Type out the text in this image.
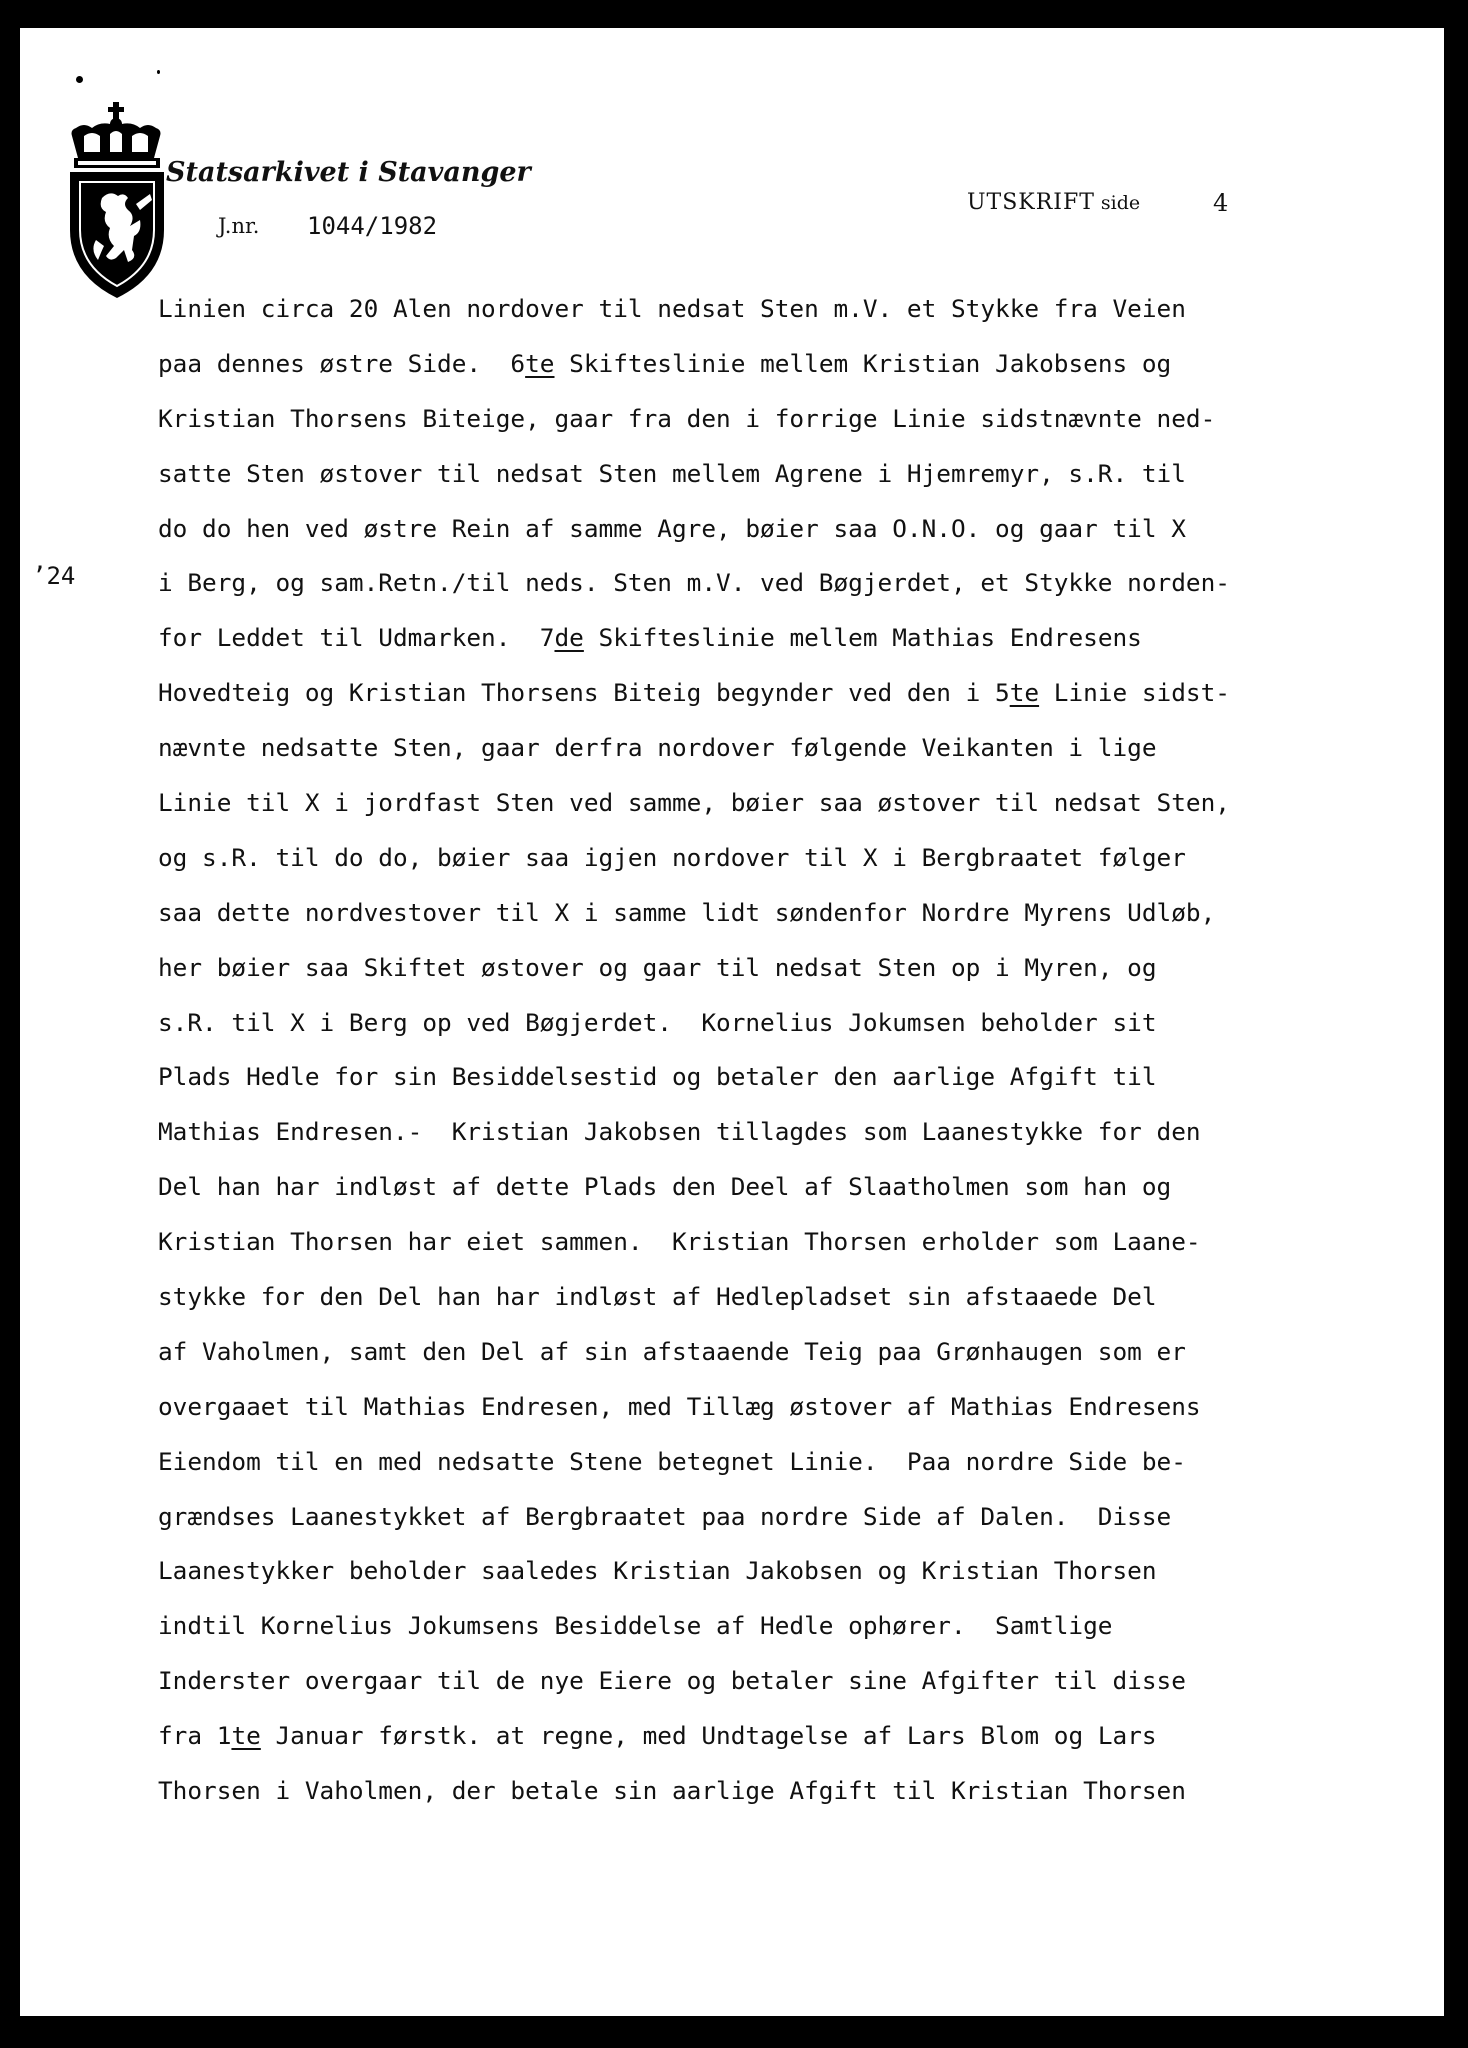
Statsarkivet i Stavanger
J.nr. 1044/1982
UTSKRIFT side	4
’24
Linien circa 20 Alen nordover til nedsat Sten m.V. et Stykke fra Veien
paa dennes østre Side.  6te Skifteslinie mellem Kristian Jakobsens og
Kristian Thorsens Biteige, gaar fra den i forrige Linie sidstnævnte ned-
satte Sten østover til nedsat Sten mellem Agrene i Hjemremyr, s.R. til
do do hen ved østre Rein af samme Agre, bøier saa O.N.O. og gaar til X
i Berg, og sam.Retn./til neds. Sten m.V. ved Bøgjerdet, et Stykke norden-
for Leddet til Udmarken.  7de Skifteslinie mellem Mathias Endresens
Hovedteig og Kristian Thorsens Biteig begynder ved den i 5te Linie sidst-
nævnte nedsatte Sten, gaar derfra nordover følgende Veikanten i lige
Linie til X i jordfast Sten ved samme, bøier saa østover til nedsat Sten,
og s.R. til do do, bøier saa igjen nordover til X i Bergbraatet følger
saa dette nordvestover til X i samme lidt søndenfor Nordre Myrens Udløb,
her bøier saa Skiftet østover og gaar til nedsat Sten op i Myren, og
s.R. til X i Berg op ved Bøgjerdet.  Kornelius Jokumsen beholder sit
Plads Hedle for sin Besiddelsestid og betaler den aarlige Afgift til
Mathias Endresen.-  Kristian Jakobsen tillagdes som Laanestykke for den
Del han har indløst af dette Plads den Deel af Slaatholmen som han og
Kristian Thorsen har eiet sammen.  Kristian Thorsen erholder som Laane-
stykke for den Del han har indløst af Hedlepladset sin afstaaede Del
af Vaholmen, samt den Del af sin afstaaende Teig paa Grønhaugen som er
overgaaet til Mathias Endresen, med Tillæg østover af Mathias Endresens
Eiendom til en med nedsatte Stene betegnet Linie.  Paa nordre Side be-
grændses Laanestykket af Bergbraatet paa nordre Side af Dalen.  Disse
Laanestykker beholder saaledes Kristian Jakobsen og Kristian Thorsen
indtil Kornelius Jokumsens Besiddelse af Hedle ophører.  Samtlige
Inderster overgaar til de nye Eiere og betaler sine Afgifter til disse
fra 1te Januar førstk. at regne, med Undtagelse af Lars Blom og Lars
Thorsen i Vaholmen, der betale sin aarlige Afgift til Kristian Thorsen
